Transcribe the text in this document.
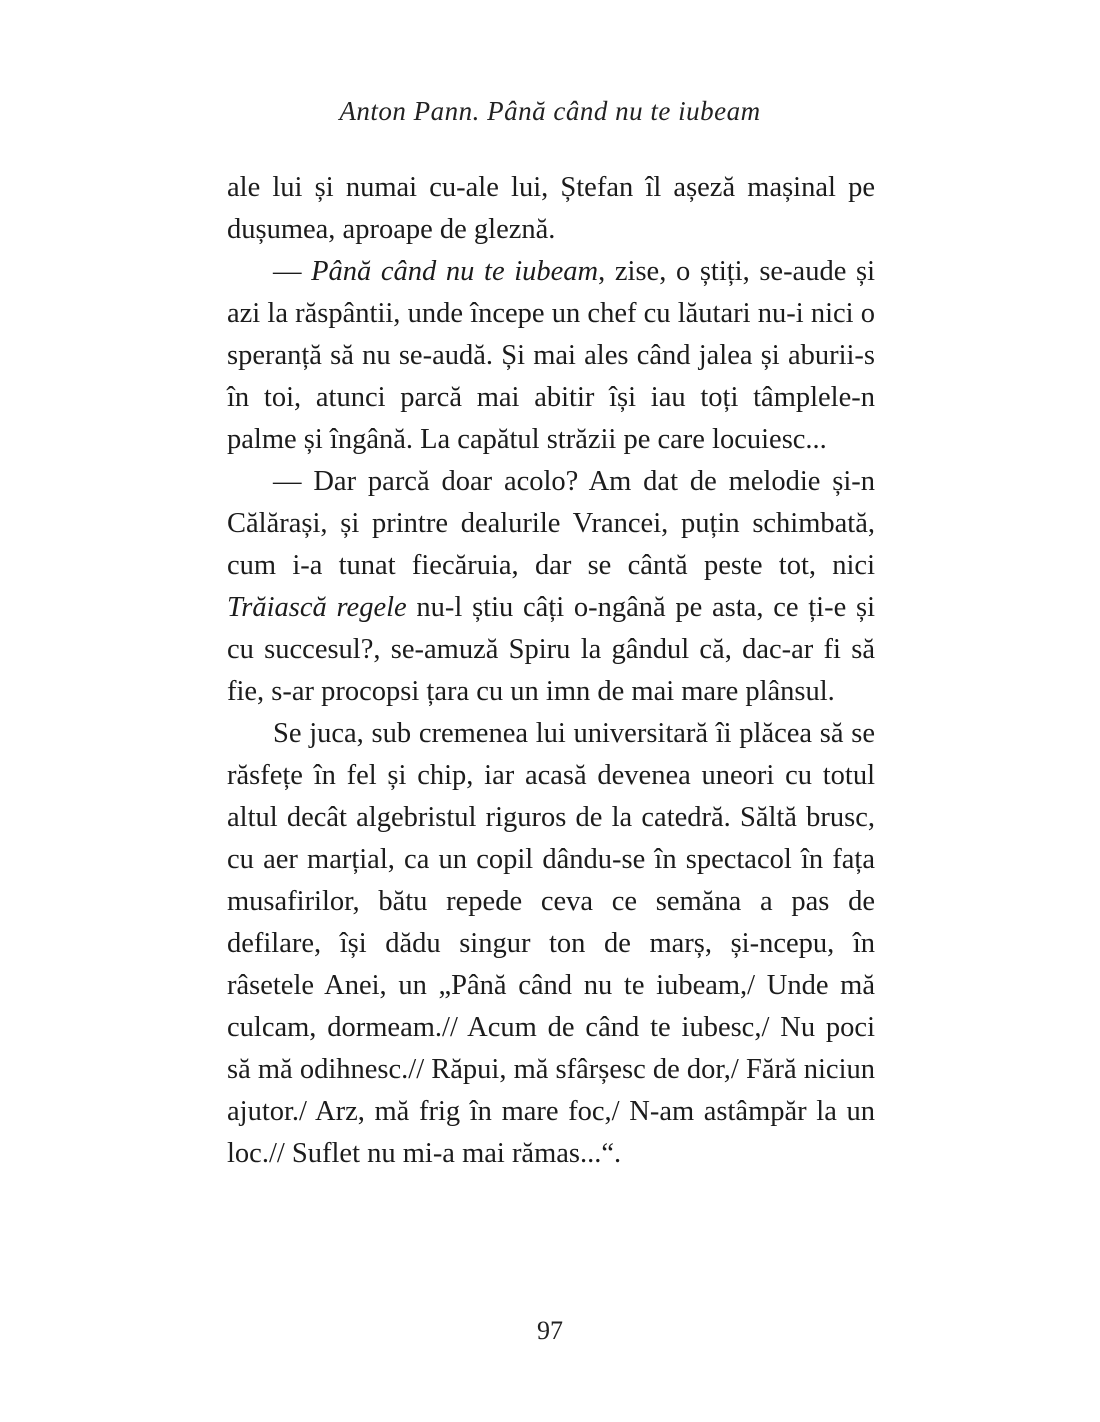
Anton Pann. Până când nu te iubeam

ale lui și numai cu-ale lui, Ștefan îl așeză mașinal pe dușumea, aproape de gleznă.

— Până când nu te iubeam, zise, o știți, se-aude și azi la răspântii, unde începe un chef cu lăutari nu-i nici o speranță să nu se-audă. Și mai ales când jalea și aburii-s în toi, atunci parcă mai abitir își iau toți tâmplele-n palme și îngână. La capătul străzii pe care locuiesc...

— Dar parcă doar acolo? Am dat de melodie și-n Călărași, și printre dealurile Vrancei, puțin schimbată, cum i-a tunat fiecăruia, dar se cântă peste tot, nici Trăiască regele nu-l știu câți o-ngână pe asta, ce ți-e și cu succesul?, se-amuză Spiru la gândul că, dac-ar fi să fie, s-ar procopsi țara cu un imn de mai mare plânsul.

Se juca, sub cremenea lui universitară îi plăcea să se răsfețe în fel și chip, iar acasă devenea uneori cu totul altul decât algebristul riguros de la catedră. Săltă brusc, cu aer marțial, ca un copil dându-se în spectacol în fața musafirilor, bătu repede ceva ce semăna a pas de defilare, își dădu singur ton de marș, și-ncepu, în râsetele Anei, un „Până când nu te iubeam,/ Unde mă culcam, dormeam.// Acum de când te iubesc,/ Nu poci să mă odihnesc.// Răpui, mă sfârșesc de dor,/ Fără niciun ajutor./ Arz, mă frig în mare foc,/ N-am astâmpăr la un loc.// Suflet nu mi-a mai rămas...“.

97
